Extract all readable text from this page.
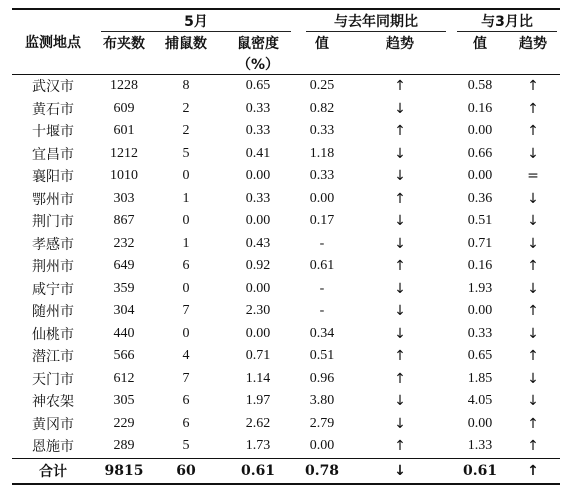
监测地点	5月			与去年同期比		与3月比	
	布夹数	捕鼠数	鼠密度	值	趋势	值	趋势
			（%）				
武汉市	1228	8	0.65	0.25	↑	0.58	↑
黄石市	609	2	0.33	0.82	↓	0.16	↑
十堰市	601	2	0.33	0.33	↑	0.00	↑
宜昌市	1212	5	0.41	1.18	↓	0.66	↓
襄阳市	1010	0	0.00	0.33	↓	0.00	=
鄂州市	303	1	0.33	0.00	↑	0.36	↓
荆门市	867	0	0.00	0.17	↓	0.51	↓
孝感市	232	1	0.43	-	↓	0.71	↓
荆州市	649	6	0.92	0.61	↑	0.16	↑
咸宁市	359	0	0.00	-	↓	1.93	↓
随州市	304	7	2.30	-	↓	0.00	↑
仙桃市	440	0	0.00	0.34	↓	0.33	↓
潜江市	566	4	0.71	0.51	↑	0.65	↑
天门市	612	7	1.14	0.96	↑	1.85	↓
神农架	305	6	1.97	3.80	↓	4.05	↓
黄冈市	229	6	2.62	2.79	↓	0.00	↑
恩施市	289	5	1.73	0.00	↑	1.33	↑
合计	9815	60	0.61	0.78	↓	0.61	↑
